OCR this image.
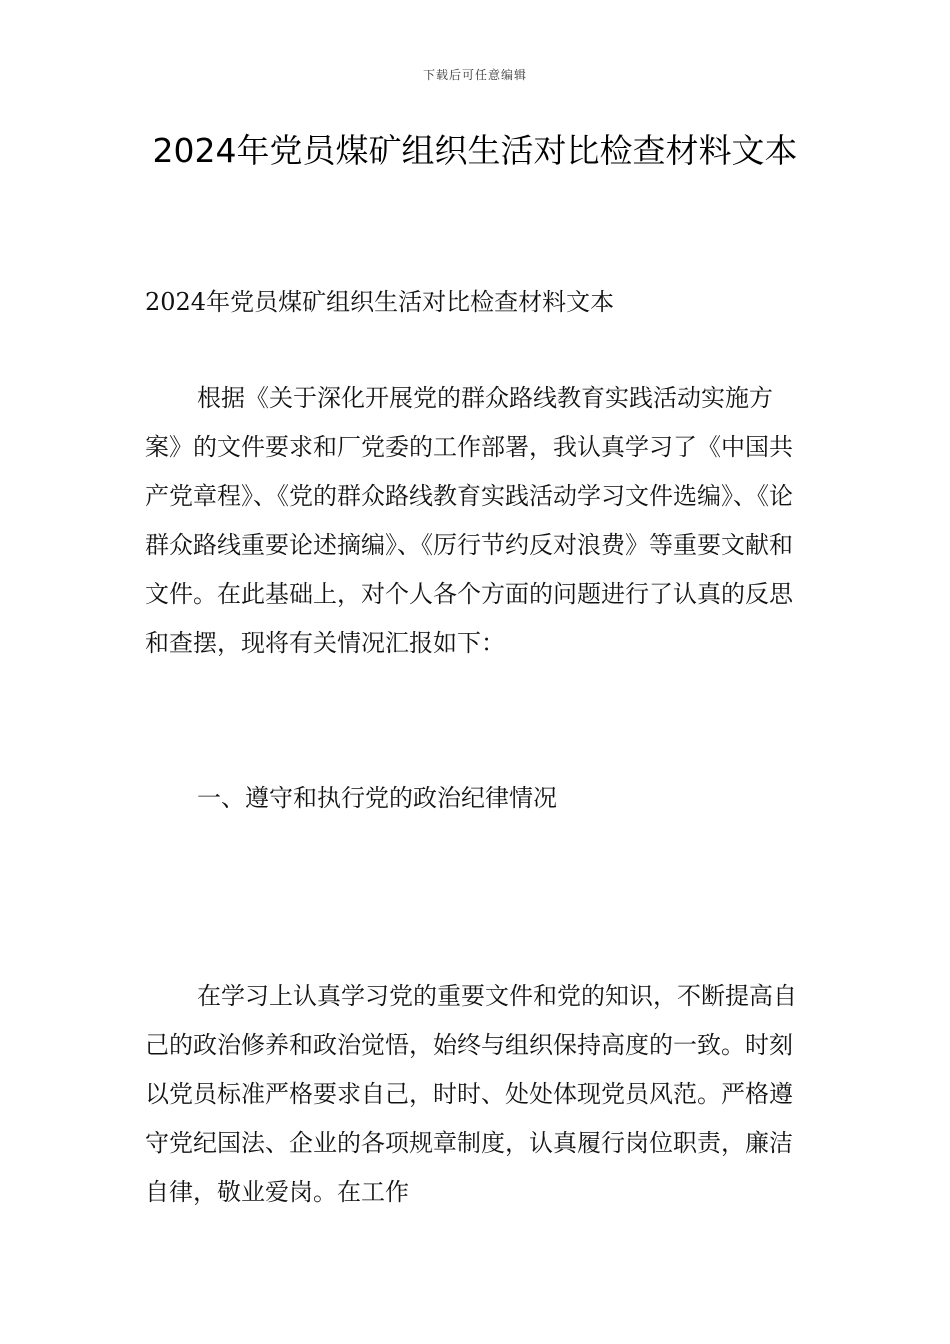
下载后可任意编辑
2024年党员煤矿组织生活对比检查材料文本

2024年党员煤矿组织生活对比检查材料文本

根据《关于深化开展党的群众路线教育实践活动实施方案》的文件要求和厂党委的工作部署，我认真学习了《中国共产党章程》、《党的群众路线教育实践活动学习文件选编》、《论群众路线重要论述摘编》、《厉行节约反对浪费》等重要文献和文件。在此基础上，对个人各个方面的问题进行了认真的反思和查摆，现将有关情况汇报如下：

一、遵守和执行党的政治纪律情况

在学习上认真学习党的重要文件和党的知识，不断提高自己的政治修养和政治觉悟，始终与组织保持高度的一致。时刻以党员标准严格要求自己，时时、处处体现党员风范。严格遵守党纪国法、企业的各项规章制度，认真履行岗位职责，廉洁自律，敬业爱岗。在工作
